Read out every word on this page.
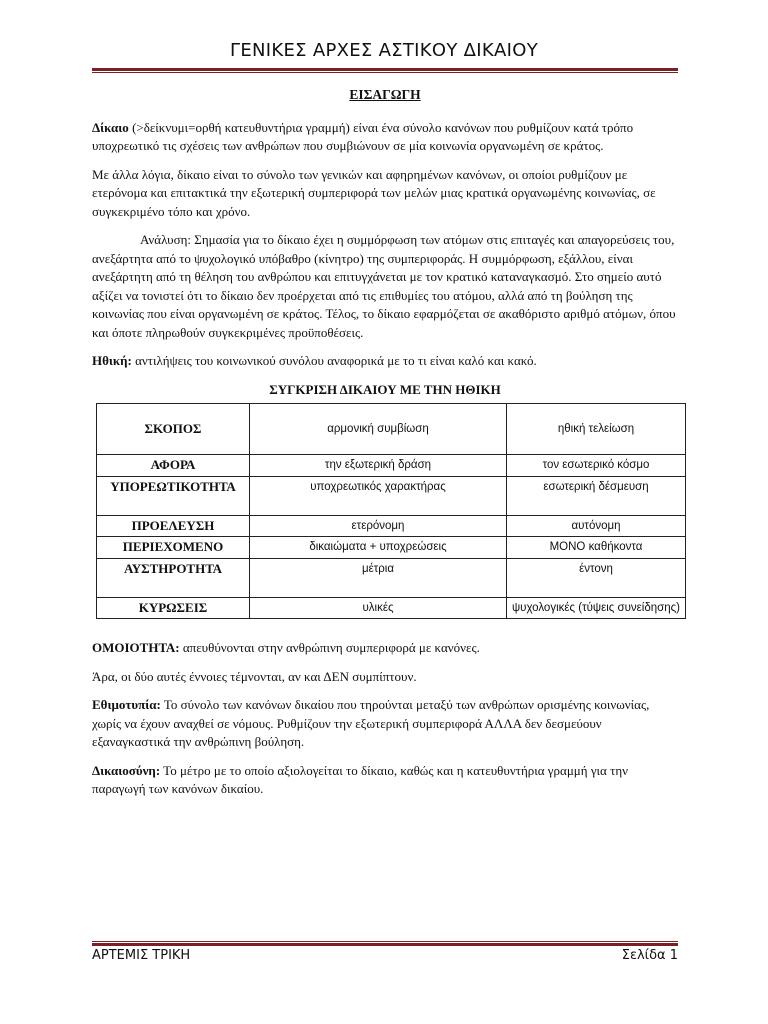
ΓΕΝΙΚΕΣ ΑΡΧΕΣ ΑΣΤΙΚΟΥ ΔΙΚΑΙΟΥ
ΕΙΣΑΓΩΓΗ

Δίκαιο (>δείκνυμι=ορθή κατευθυντήρια γραμμή) είναι ένα σύνολο κανόνων που ρυθμίζουν κατά τρόπο υποχρεωτικό τις σχέσεις των ανθρώπων που συμβιώνουν σε μία κοινωνία οργανωμένη σε κράτος.

Με άλλα λόγια, δίκαιο είναι το σύνολο των γενικών και αφηρημένων κανόνων, οι οποίοι ρυθμίζουν με ετερόνομα και επιτακτικά την εξωτερική συμπεριφορά των μελών μιας κρατικά οργανωμένης κοινωνίας, σε συγκεκριμένο τόπο και χρόνο.

Ανάλυση: Σημασία για το δίκαιο έχει η συμμόρφωση των ατόμων στις επιταγές και απαγορεύσεις του, ανεξάρτητα από το ψυχολογικό υπόβαθρο (κίνητρο) της συμπεριφοράς. Η συμμόρφωση, εξάλλου, είναι ανεξάρτητη από τη θέληση του ανθρώπου και επιτυγχάνεται με τον κρατικό καταναγκασμό. Στο σημείο αυτό αξίζει να τονιστεί ότι το δίκαιο δεν προέρχεται από τις επιθυμίες του ατόμου, αλλά από τη βούληση της κοινωνίας που είναι οργανωμένη σε κράτος. Τέλος, το δίκαιο εφαρμόζεται σε ακαθόριστο αριθμό ατόμων, όπου και όποτε πληρωθούν συγκεκριμένες προϋποθέσεις.

Ηθική: αντιλήψεις του κοινωνικού συνόλου αναφορικά με το τι είναι καλό και κακό.

ΣΥΓΚΡΙΣΗ ΔΙΚΑΙΟΥ ΜΕ ΤΗΝ ΗΘΙΚΗ
ΣΚΟΠΟΣ	αρμονική συμβίωση	ηθική τελείωση
ΑΦΟΡΑ	την εξωτερική δράση	τον εσωτερικό κόσμο
ΥΠΟΡΕΩΤΙΚΟΤΗΤΑ	υποχρεωτικός χαρακτήρας	εσωτερική δέσμευση
ΠΡΟΕΛΕΥΣΗ	ετερόνομη	αυτόνομη
ΠΕΡΙΕΧΟΜΕΝΟ	δικαιώματα + υποχρεώσεις	ΜΟΝΟ καθήκοντα
ΑΥΣΤΗΡΟΤΗΤΑ	μέτρια	έντονη
ΚΥΡΩΣΕΙΣ	υλικές	ψυχολογικές (τύψεις συνείδησης)

ΟΜΟΙΟΤΗΤΑ: απευθύνονται στην ανθρώπινη συμπεριφορά με κανόνες.

Άρα, οι δύο αυτές έννοιες τέμνονται, αν και ΔΕΝ συμπίπτουν.

Εθιμοτυπία: Το σύνολο των κανόνων δικαίου που τηρούνται μεταξύ των ανθρώπων ορισμένης κοινωνίας, χωρίς να έχουν αναχθεί σε νόμους. Ρυθμίζουν την εξωτερική συμπεριφορά ΑΛΛΑ δεν δεσμεύουν εξαναγκαστικά την ανθρώπινη βούληση.

Δικαιοσύνη: Το μέτρο με το οποίο αξιολογείται το δίκαιο, καθώς και η κατευθυντήρια γραμμή για την παραγωγή των κανόνων δικαίου.

ΑΡΤΕΜΙΣ ΤΡΙΚΗ	Σελίδα 1
